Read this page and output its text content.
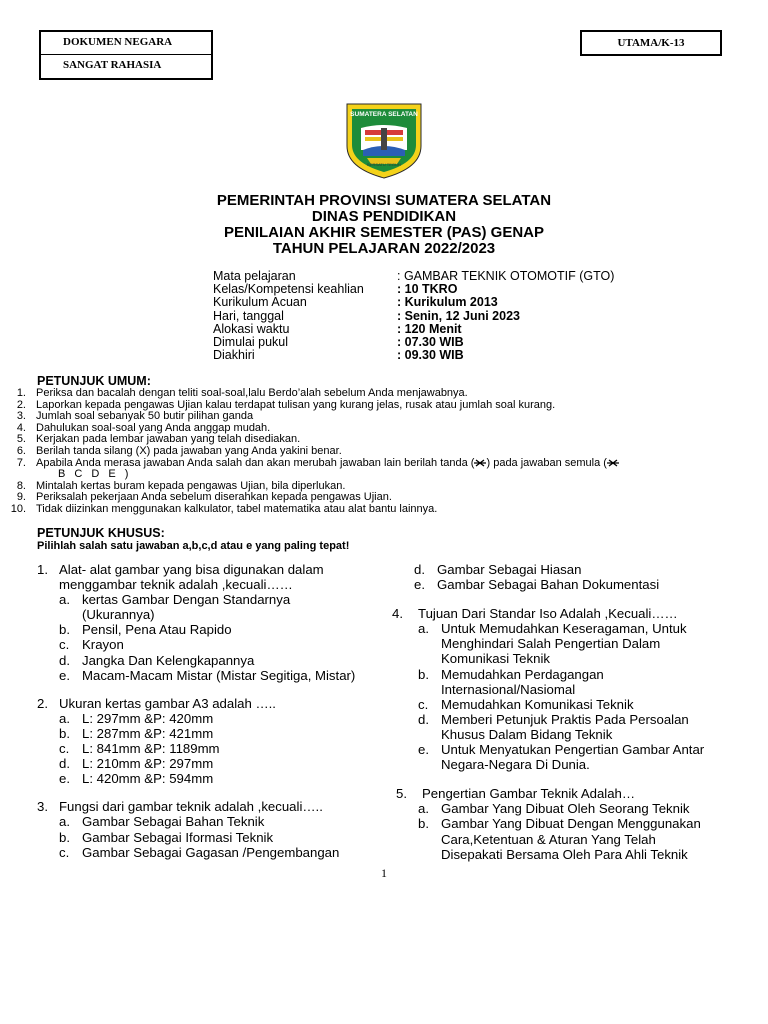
DOKUMEN NEGARA
SANGAT RAHASIA
UTAMA/K-13
SUMATERA SELATAN
BERSATU TEGUH
PEMERINTAH PROVINSI SUMATERA SELATAN
DINAS PENDIDIKAN
PENILAIAN AKHIR SEMESTER (PAS) GENAP
TAHUN PELAJARAN 2022/2023
Mata pelajaran	: GAMBAR TEKNIK OTOMOTIF (GTO)
Kelas/Kompetensi keahlian	: 10 TKRO
Kurikulum Acuan	: Kurikulum 2013
Hari, tanggal	: Senin, 12 Juni 2023
Alokasi waktu	: 120 Menit
Dimulai pukul	: 07.30 WIB
Diakhiri	: 09.30 WIB
PETUNJUK UMUM:
1. Periksa dan bacalah dengan teliti soal-soal,lalu Berdo’alah sebelum Anda menjawabnya.
2. Laporkan kepada pengawas Ujian kalau terdapat tulisan yang kurang jelas, rusak atau jumlah soal kurang.
3. Jumlah soal sebanyak 50 butir pilihan ganda
4. Dahulukan soal-soal yang Anda anggap mudah.
5. Kerjakan pada lembar jawaban yang telah disediakan.
6. Berilah tanda silang (X) pada jawaban yang Anda yakini benar.
7. Apabila Anda merasa jawaban Anda salah dan akan merubah jawaban lain berilah tanda ( ) pada jawaban semula (
B C D E )
8. Mintalah kertas buram kepada pengawas Ujian, bila diperlukan.
9. Periksalah pekerjaan Anda sebelum diserahkan kepada pengawas Ujian.
10. Tidak diizinkan menggunakan kalkulator, tabel matematika atau alat bantu lainnya.
PETUNJUK KHUSUS:
Pilihlah salah satu jawaban a,b,c,d atau e yang paling tepat!
1. Alat- alat gambar yang bisa digunakan dalam
menggambar teknik adalah ,kecuali……
a. kertas Gambar Dengan Standarnya
(Ukurannya)
b. Pensil, Pena Atau Rapido
c. Krayon
d. Jangka Dan Kelengkapannya
e. Macam-Macam Mistar (Mistar Segitiga, Mistar)
2. Ukuran kertas gambar A3 adalah …..
a. L: 297mm &P: 420mm
b. L: 287mm &P: 421mm
c. L: 841mm &P: 1189mm
d. L: 210mm &P: 297mm
e. L: 420mm &P: 594mm
3. Fungsi dari gambar teknik adalah ,kecuali…..
a. Gambar Sebagai Bahan Teknik
b. Gambar Sebagai Iformasi Teknik
c. Gambar Sebagai Gagasan /Pengembangan
d. Gambar Sebagai Hiasan
e. Gambar Sebagai Bahan Dokumentasi
4.	Tujuan Dari Standar Iso Adalah ,Kecuali……
a. Untuk Memudahkan Keseragaman, Untuk
Menghindari Salah Pengertian Dalam
Komunikasi Teknik
b. Memudahkan Perdagangan
Internasional/Nasiomal
c. Memudahkan Komunikasi Teknik
d. Memberi Petunjuk Praktis Pada Persoalan
Khusus Dalam Bidang Teknik
e. Untuk Menyatukan Pengertian Gambar Antar
Negara-Negara Di Dunia.
5.	Pengertian Gambar Teknik Adalah…
a. Gambar Yang Dibuat Oleh Seorang Teknik
b. Gambar Yang Dibuat Dengan Menggunakan
Cara,Ketentuan & Aturan Yang Telah
Disepakati Bersama Oleh Para Ahli Teknik
1
